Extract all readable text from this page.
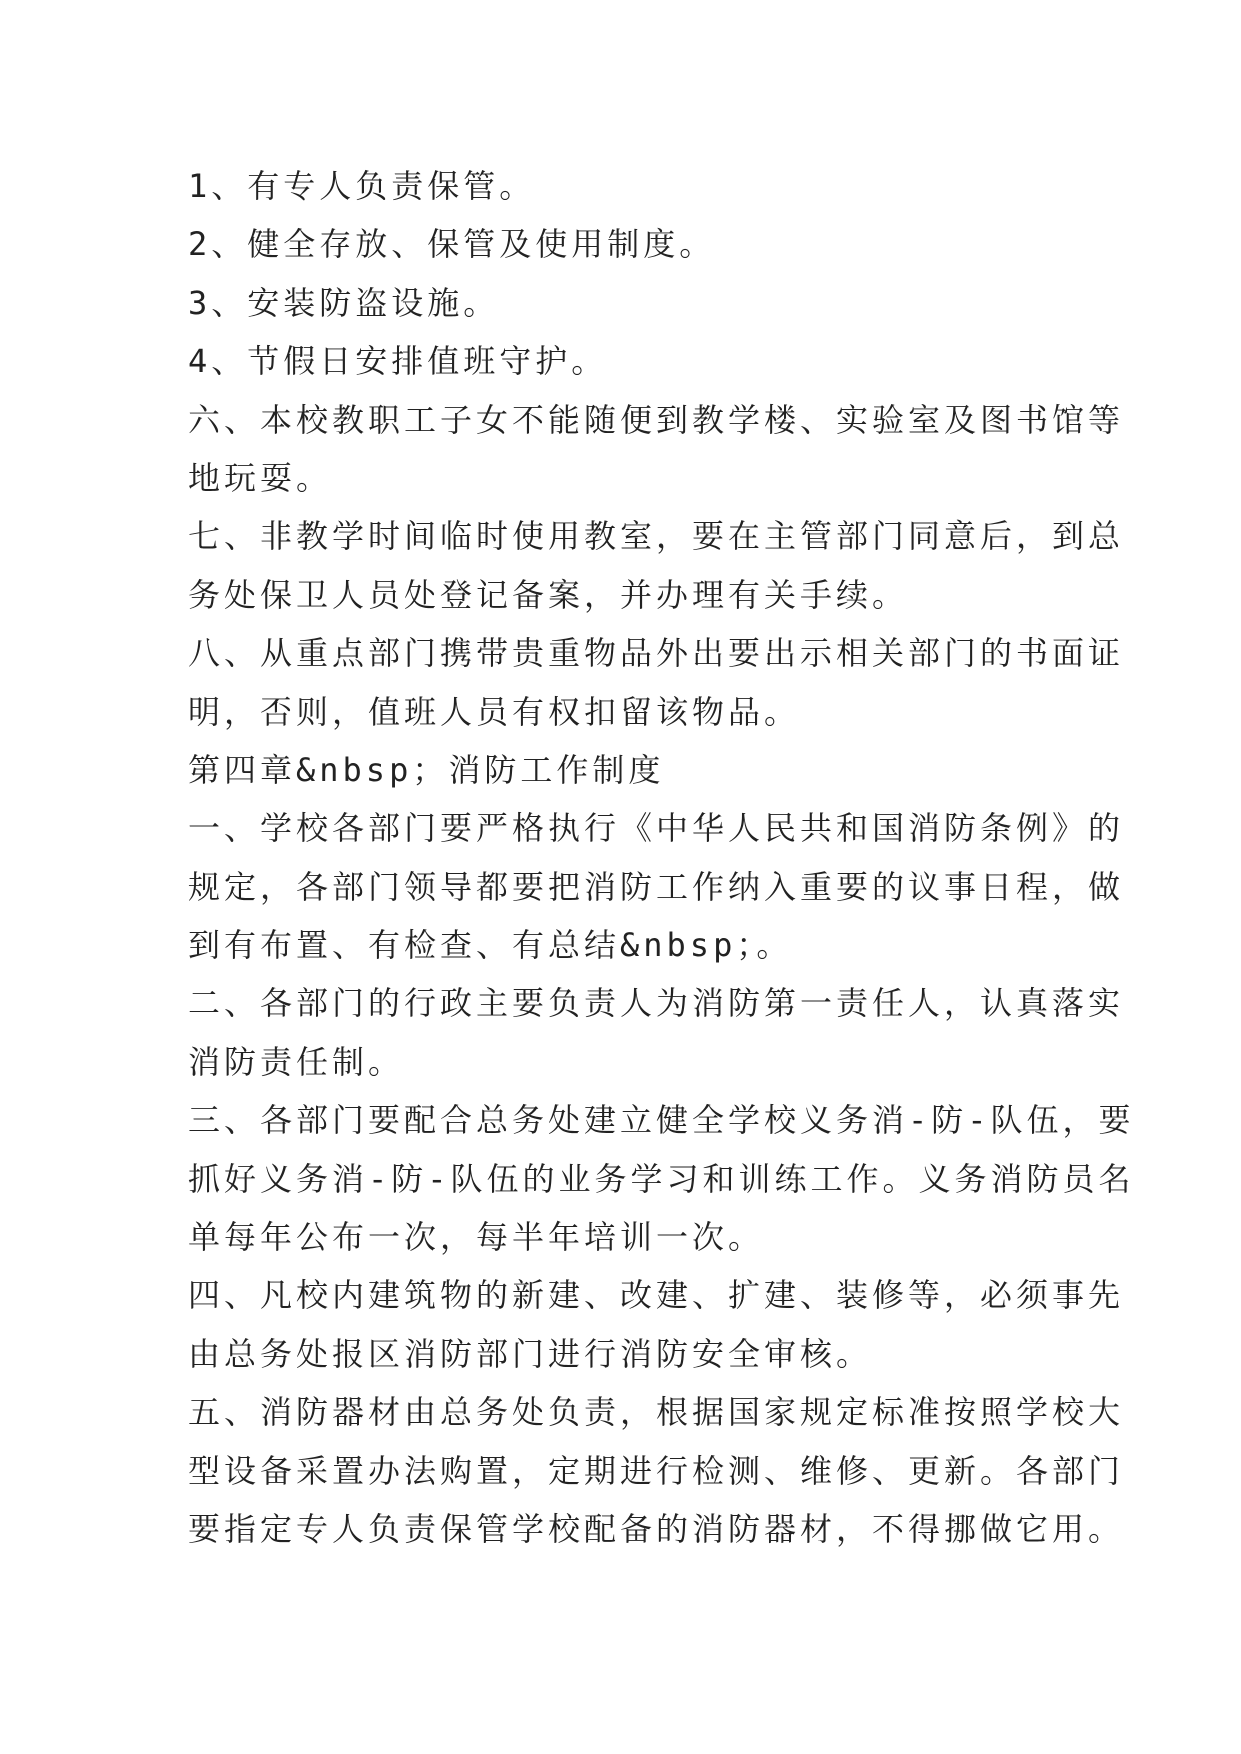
1、有专人负责保管。

2、健全存放、保管及使用制度。

3、安装防盗设施。

4、节假日安排值班守护。

六、本校教职工子女不能随便到教学楼、实验室及图书馆等

地玩耍。

七、非教学时间临时使用教室，要在主管部门同意后，到总

务处保卫人员处登记备案，并办理有关手续。

八、从重点部门携带贵重物品外出要出示相关部门的书面证

明，否则，值班人员有权扣留该物品。

第四章&nbsp；消防工作制度

一、学校各部门要严格执行《中华人民共和国消防条例》的

规定，各部门领导都要把消防工作纳入重要的议事日程，做

到有布置、有检查、有总结&nbsp；。

二、各部门的行政主要负责人为消防第一责任人，认真落实

消防责任制。

三、各部门要配合总务处建立健全学校义务消-防-队伍，要

抓好义务消-防-队伍的业务学习和训练工作。义务消防员名

单每年公布一次，每半年培训一次。

四、凡校内建筑物的新建、改建、扩建、装修等，必须事先

由总务处报区消防部门进行消防安全审核。

五、消防器材由总务处负责，根据国家规定标准按照学校大

型设备采置办法购置，定期进行检测、维修、更新。各部门

要指定专人负责保管学校配备的消防器材，不得挪做它用。
